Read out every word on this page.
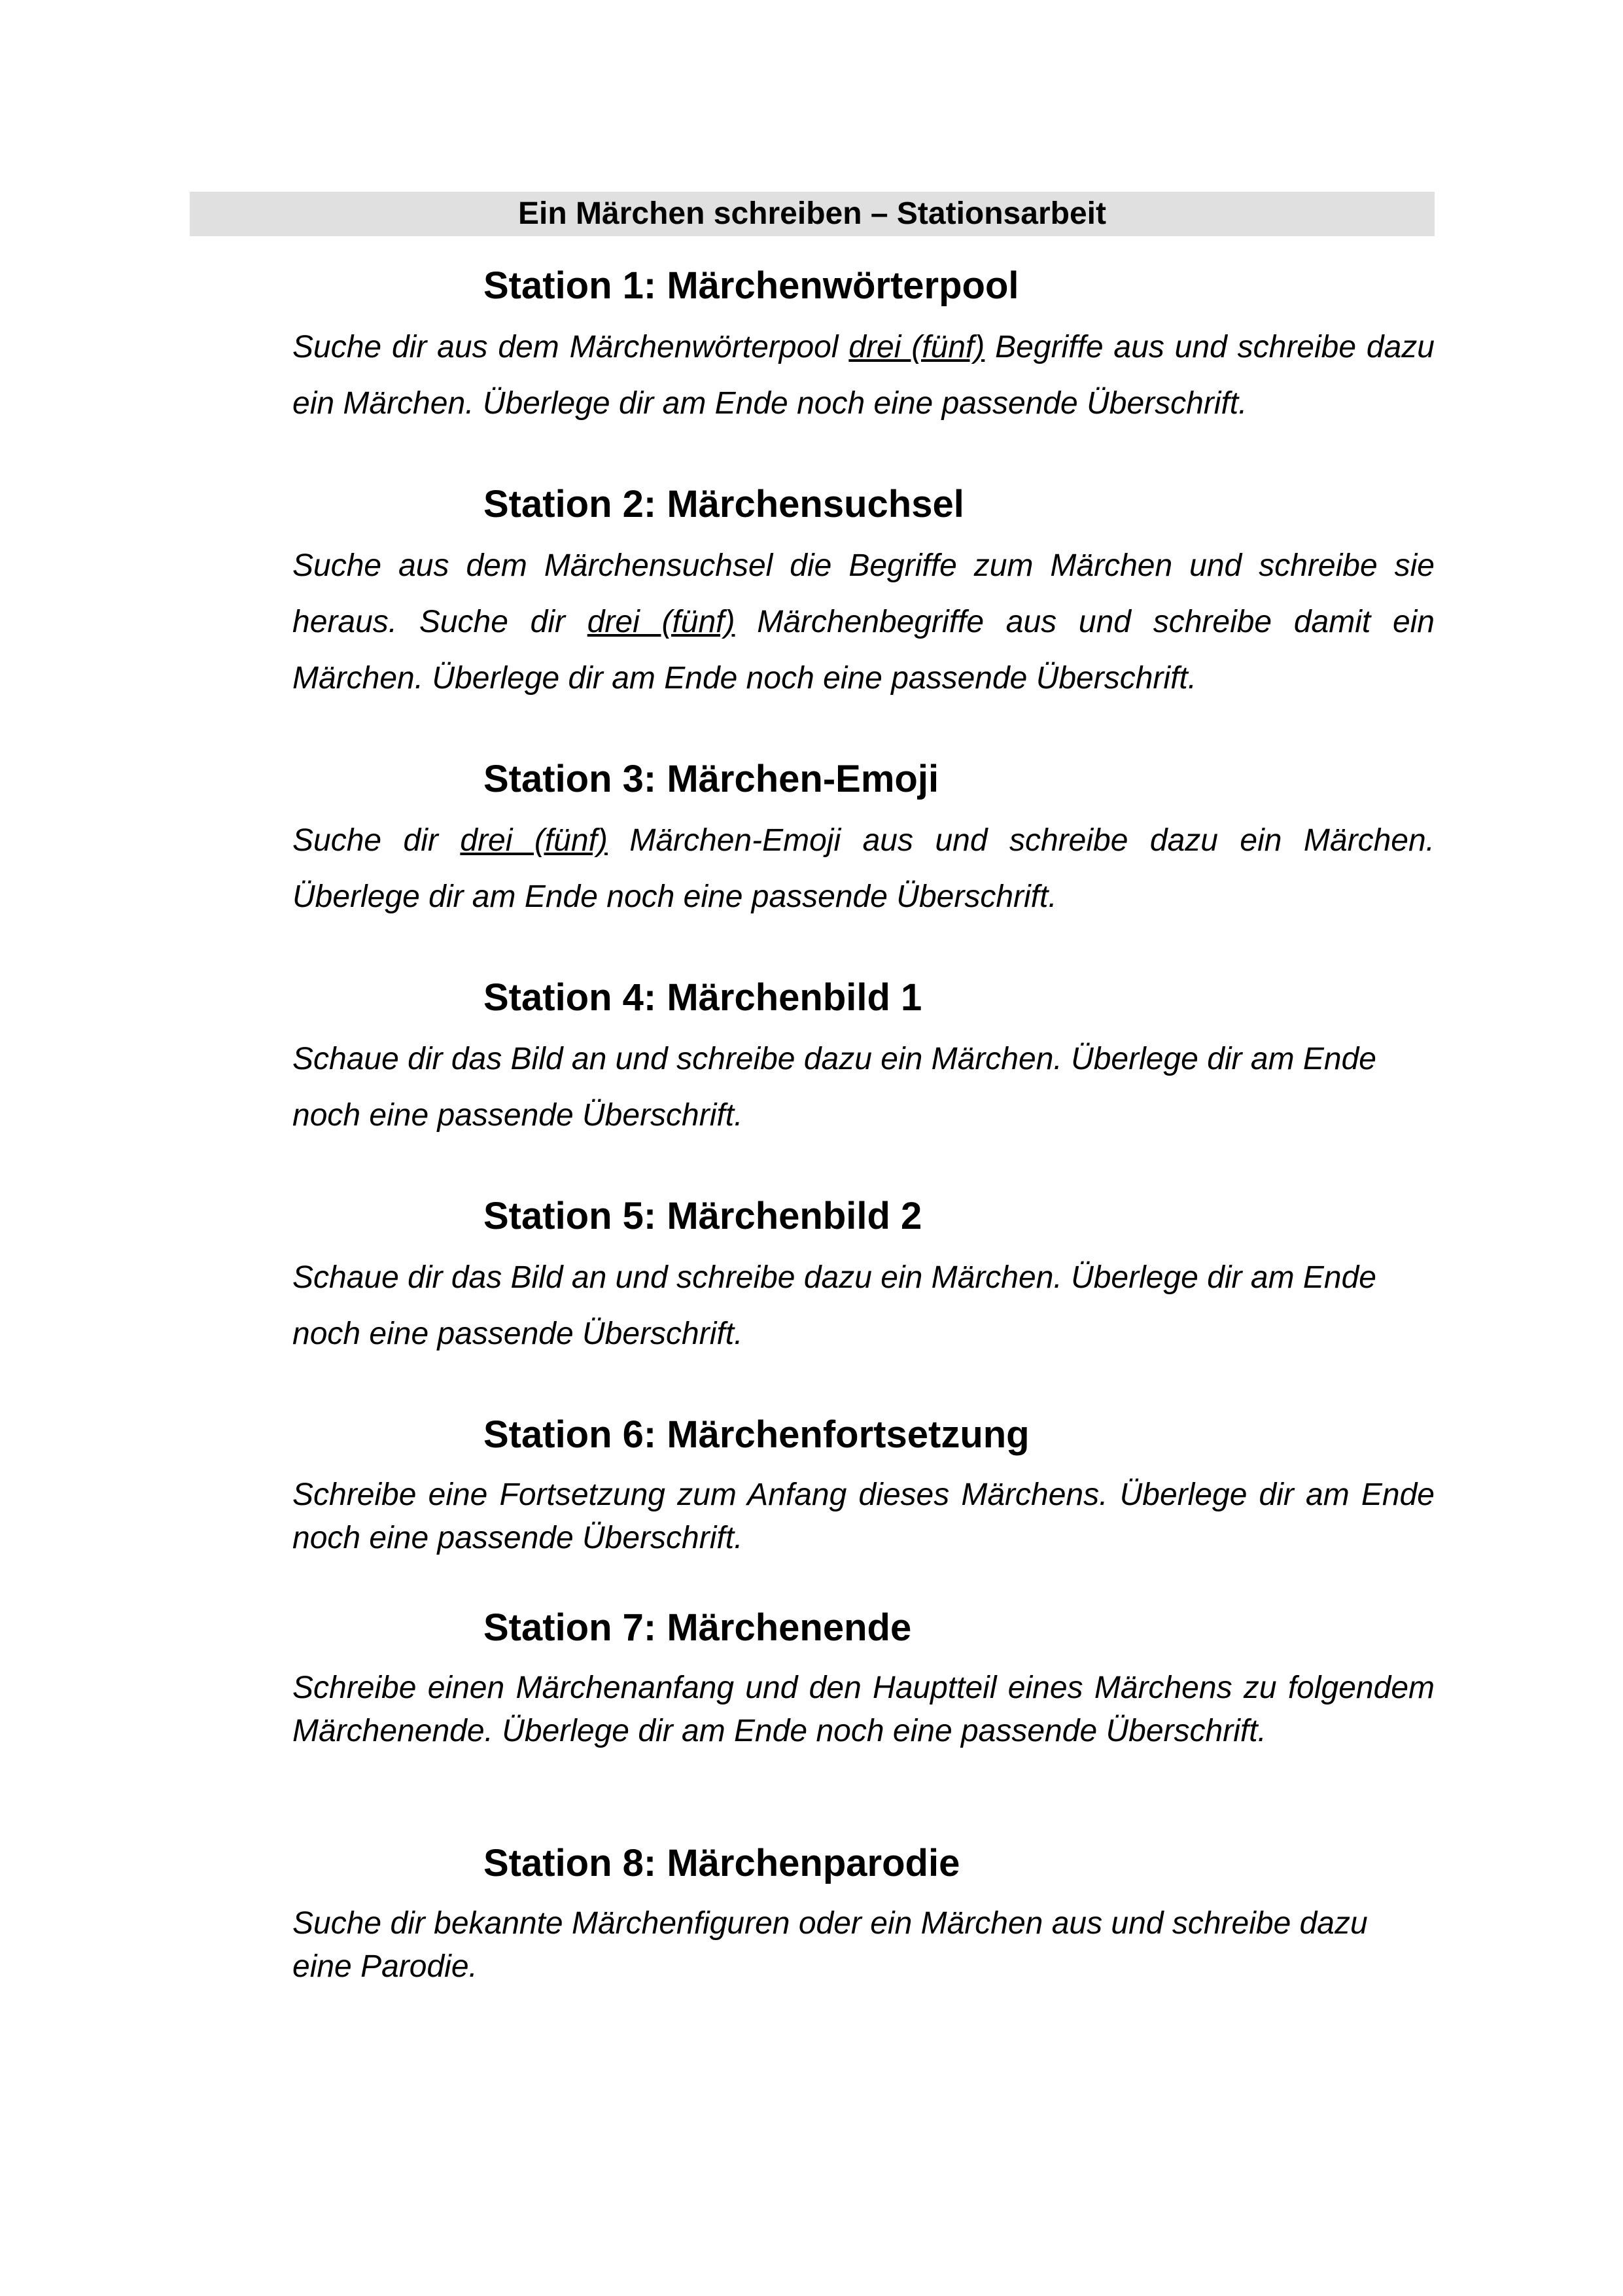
Ein Märchen schreiben – Stationsarbeit
Station 1: Märchenwörterpool

Suche dir aus dem Märchenwörterpool drei (fünf) Begriffe aus und schreibe dazu ein Märchen. Überlege dir am Ende noch eine passende Überschrift.

Station 2: Märchensuchsel

Suche aus dem Märchensuchsel die Begriffe zum Märchen und schreibe sie heraus. Suche dir drei (fünf) Märchenbegriffe aus und schreibe damit ein Märchen. Überlege dir am Ende noch eine passende Überschrift.

Station 3: Märchen-Emoji

Suche dir drei (fünf) Märchen-Emoji aus und schreibe dazu ein Märchen. Überlege dir am Ende noch eine passende Überschrift.

Station 4: Märchenbild 1

Schaue dir das Bild an und schreibe dazu ein Märchen. Überlege dir am Ende noch eine passende Überschrift.

Station 5: Märchenbild 2

Schaue dir das Bild an und schreibe dazu ein Märchen. Überlege dir am Ende noch eine passende Überschrift.

Station 6: Märchenfortsetzung

Schreibe eine Fortsetzung zum Anfang dieses Märchens. Überlege dir am Ende noch eine passende Überschrift.

Station 7: Märchenende

Schreibe einen Märchenanfang und den Hauptteil eines Märchens zu folgendem Märchenende. Überlege dir am Ende noch eine passende Überschrift.

Station 8: Märchenparodie

Suche dir bekannte Märchenfiguren oder ein Märchen aus und schreibe dazu eine Parodie.
